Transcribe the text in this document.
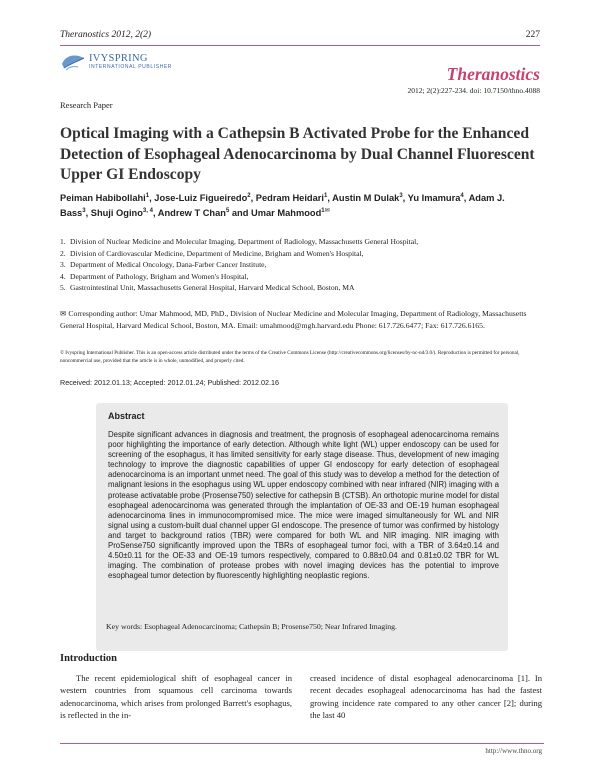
Theranostics 2012, 2(2)	227
IVYSPRING
INTERNATIONAL PUBLISHER	Theranostics
2012; 2(2):227-234. doi: 10.7150/thno.4088
Research Paper
Optical Imaging with a Cathepsin B Activated Probe for the Enhanced Detection of Esophageal Adenocarcinoma by Dual Channel Fluorescent Upper GI Endoscopy
Peiman Habibollahi$^1$, Jose-Luiz Figueiredo$^2$, Pedram Heidari$^1$, Austin M Dulak$^3$, Yu Imamura$^4$, Adam J. Bass$^3$, Shuji Ogino$^{3, 4}$, Andrew T Chan$^5$ and Umar Mahmood$^{1✉}$
1. Division of Nuclear Medicine and Molecular Imaging, Department of Radiology, Massachusetts General Hospital,
2. Division of Cardiovascular Medicine, Department of Medicine, Brigham and Women's Hospital,
3. Department of Medical Oncology, Dana-Farber Cancer Institute,
4. Department of Pathology, Brigham and Women's Hospital,
5. Gastrointestinal Unit, Massachusetts General Hospital, Harvard Medical School, Boston, MA
✉ Corresponding author: Umar Mahmood, MD, PhD., Division of Nuclear Medicine and Molecular Imaging, Department of Radiology, Massachusetts General Hospital, Harvard Medical School, Boston, MA. Email: umahmood@mgh.harvard.edu Phone: 617.726.6477; Fax: 617.726.6165.
© Ivyspring International Publisher. This is an open-access article distributed under the terms of the Creative Commons License (http://creativecommons.org/licenses/by-nc-nd/3.0/). Reproduction is permitted for personal, noncommercial use, provided that the article is in whole, unmodified, and properly cited.
Received: 2012.01.13; Accepted: 2012.01.24; Published: 2012.02.16
Abstract
Despite significant advances in diagnosis and treatment, the prognosis of esophageal adenocarcinoma remains poor highlighting the importance of early detection. Although white light (WL) upper endoscopy can be used for screening of the esophagus, it has limited sensitivity for early stage disease. Thus, development of new imaging technology to improve the diagnostic capabilities of upper GI endoscopy for early detection of esophageal adenocarcinoma is an important unmet need. The goal of this study was to develop a method for the detection of malignant lesions in the esophagus using WL upper endoscopy combined with near infrared (NIR) imaging with a protease activatable probe (Prosense750) selective for cathepsin B (CTSB). An orthotopic murine model for distal esophageal adenocarcinoma was generated through the implantation of OE-33 and OE-19 human esophageal adenocarcinoma lines in immunocompromised mice. The mice were imaged simultaneously for WL and NIR signal using a custom-built dual channel upper GI endoscope. The presence of tumor was confirmed by histology and target to background ratios (TBR) were compared for both WL and NIR imaging. NIR imaging with ProSense750 significantly improved upon the TBRs of esophageal tumor foci, with a TBR of 3.64±0.14 and 4.50±0.11 for the OE-33 and OE-19 tumors respectively, compared to 0.88±0.04 and 0.81±0.02 TBR for WL imaging. The combination of protease probes with novel imaging devices has the potential to improve esophageal tumor detection by fluorescently highlighting neoplastic regions.
Key words: Esophageal Adenocarcinoma; Cathepsin B; Prosense750; Near Infrared Imaging.
Introduction
The recent epidemiological shift of esophageal cancer in western countries from squamous cell carcinoma towards adenocarcinoma, which arises from prolonged Barrett's esophagus, is reflected in the in-
creased incidence of distal esophageal adenocarcinoma [1]. In recent decades esophageal adenocarcinoma has had the fastest growing incidence rate compared to any other cancer [2]; during the last 40
http://www.thno.org
